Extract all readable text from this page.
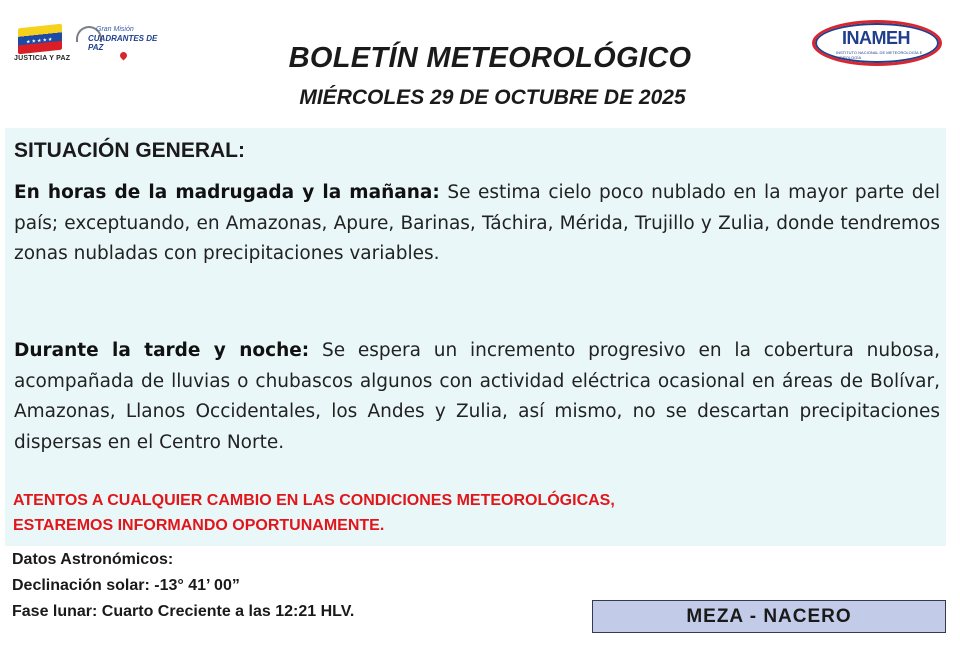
★★★★★
JUSTICIA Y PAZ
Gran Misión
CUADRANTES DE PAZ	BOLETÍN METEOROLÓGICO
MIÉRCOLES 29 DE OCTUBRE DE 2025
INAMEH
INSTITUTO NACIONAL DE METEOROLOGÍA E HIDROLOGÍA
SITUACIÓN GENERAL:
En horas de la madrugada y la mañana: Se estima cielo poco nublado en la mayor parte del país; exceptuando, en Amazonas, Apure, Barinas, Táchira, Mérida, Trujillo y Zulia, donde tendremos zonas nubladas con precipitaciones variables.
Durante la tarde y noche: Se espera un incremento progresivo en la cobertura nubosa, acompañada de lluvias o chubascos algunos con actividad eléctrica ocasional en áreas de Bolívar, Amazonas, Llanos Occidentales, los Andes y Zulia, así mismo, no se descartan precipitaciones dispersas en el Centro Norte.
ATENTOS A CUALQUIER CAMBIO EN LAS CONDICIONES METEOROLÓGICAS,
ESTAREMOS INFORMANDO OPORTUNAMENTE.
Datos Astronómicos:
Declinación solar: -13° 41’ 00”
Fase lunar: Cuarto Creciente a las 12:21 HLV.	MEZA - NACERO
